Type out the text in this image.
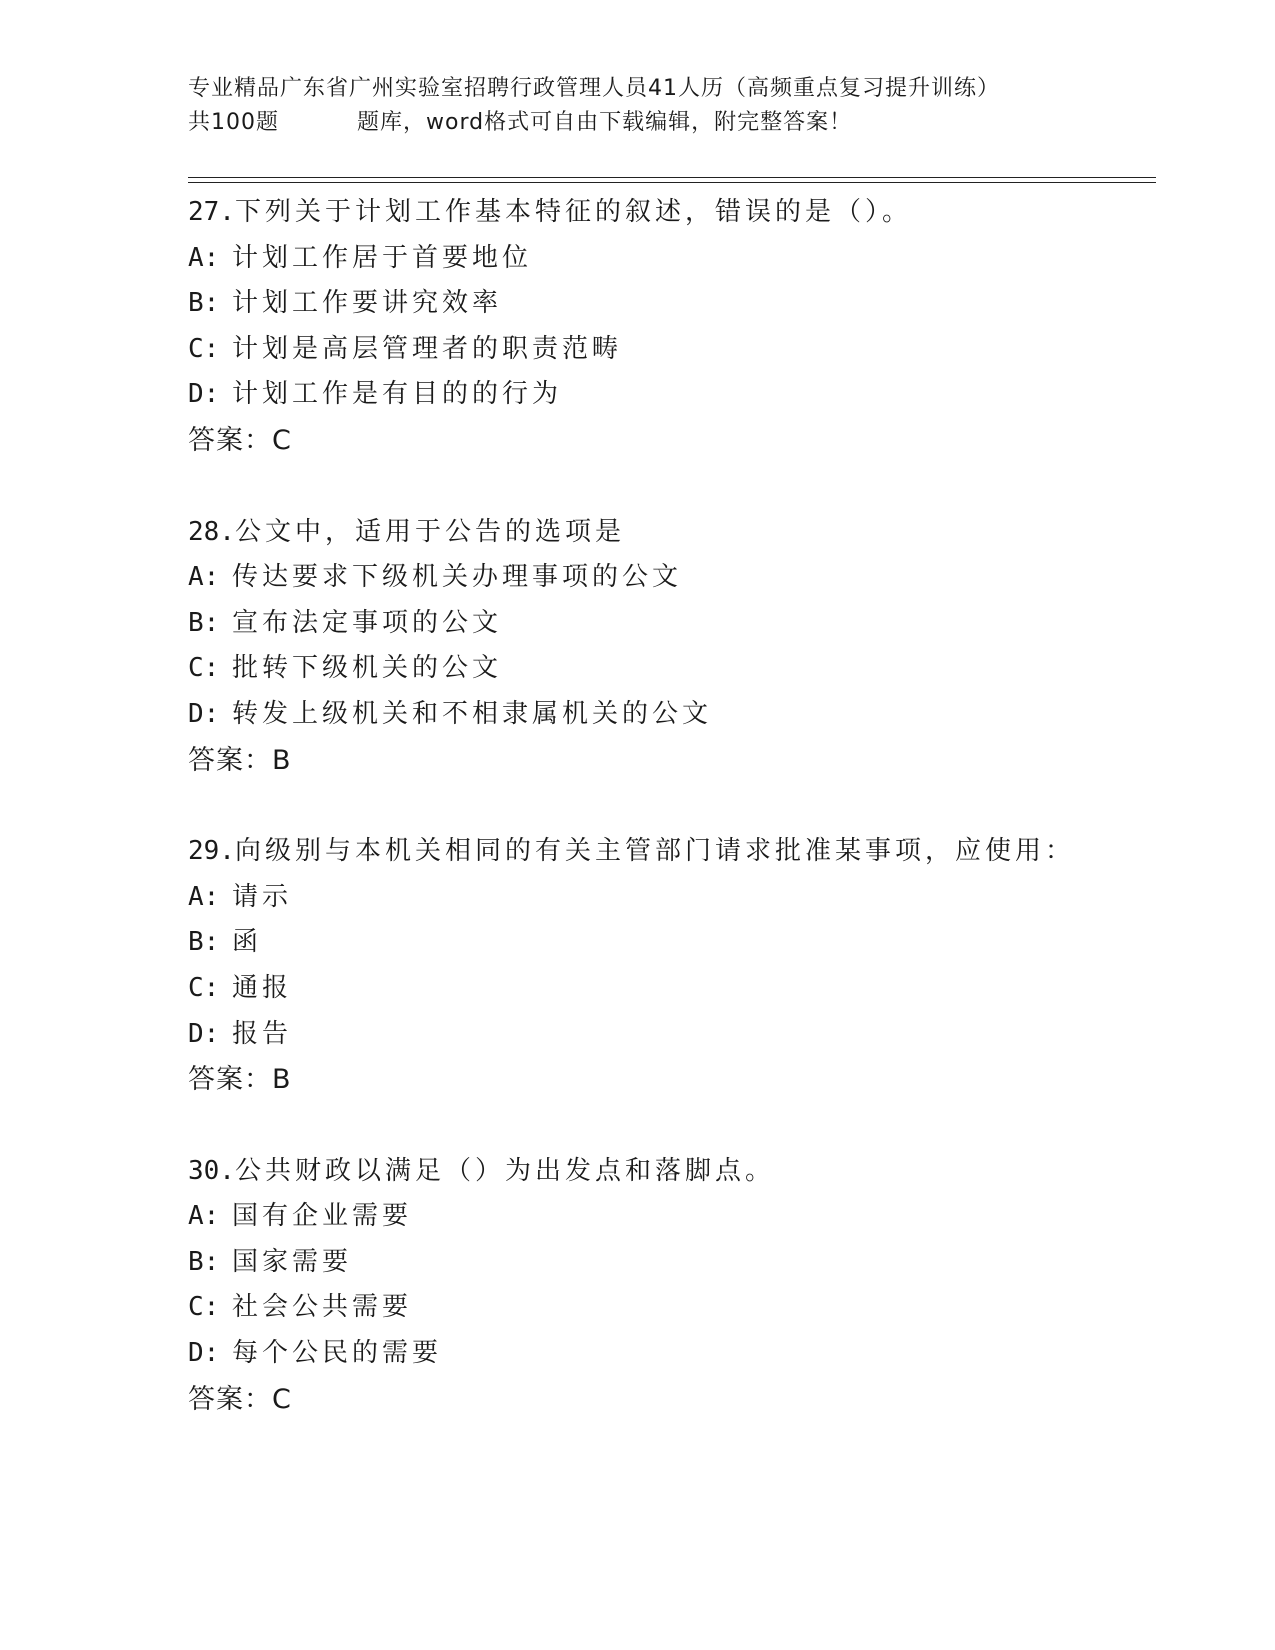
专业精品广东省广州实验室招聘行政管理人员41人历（高频重点复习提升训练）
共100题	题库，word格式可自由下载编辑，附完整答案！
27.下列关于计划工作基本特征的叙述，错误的是（）。
A: 计划工作居于首要地位
B: 计划工作要讲究效率
C: 计划是高层管理者的职责范畴
D: 计划工作是有目的的行为
答案：C
28.公文中，适用于公告的选项是
A: 传达要求下级机关办理事项的公文
B: 宣布法定事项的公文
C: 批转下级机关的公文
D: 转发上级机关和不相隶属机关的公文
答案：B
29.向级别与本机关相同的有关主管部门请求批准某事项，应使用：
A: 请示
B: 函
C: 通报
D: 报告
答案：B
30.公共财政以满足（）为出发点和落脚点。
A: 国有企业需要
B: 国家需要
C: 社会公共需要
D: 每个公民的需要
答案：C
